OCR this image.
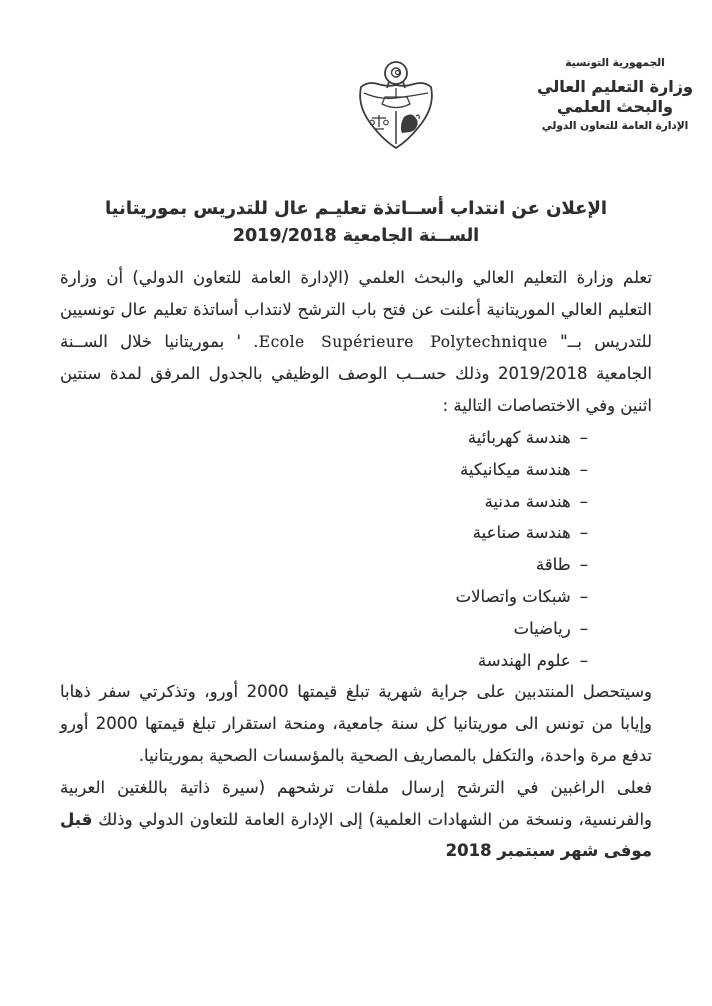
الجمهورية التونسية
وزارة التعليم العالي
والبحث العلمي
الإدارة العامة للتعاون الدولي
الإعلان عن انتداب أســاتذة تعليـم عال للتدريس بموريتانيا
الســنة الجامعية 2019/2018

تعلم وزارة التعليم العالي والبحث العلمي (الإدارة العامة للتعاون الدولي) أن وزارة التعليم العالي الموريتانية أعلنت عن فتح باب الترشح لانتداب أساتذة تعليم عال تونسيين للتدريس بــ" Ecole Supérieure Polytechnique. ' بموريتانيا خلال الســنة الجامعية 2019/2018 وذلك حســب الوصف الوظيفي بالجدول المرفق لمدة سنتين اثنين وفي الاختصاصات التالية :

–هندسة كهربائية
–هندسة ميكانيكية
–هندسة مدنية
–هندسة صناعية
–طاقة
–شبكات واتصالات
–رياضيات
–علوم الهندسة

وسيتحصل المنتدبين على جراية شهرية تبلغ قيمتها 2000 أورو، وتذكرتي سفر ذهابا وإيابا من تونس الى موريتانيا كل سنة جامعية، ومنحة استقرار تبلغ قيمتها 2000 أورو تدفع مرة واحدة، والتكفل بالمصاريف الصحية بالمؤسسات الصحية بموريتانيا.

فعلى الراغبين في الترشح إرسال ملفات ترشحهم (سيرة ذاتية باللغتين العربية والفرنسية، ونسخة من الشهادات العلمية) إلى الإدارة العامة للتعاون الدولي وذلك قبل موفى شهر سبتمبر 2018
